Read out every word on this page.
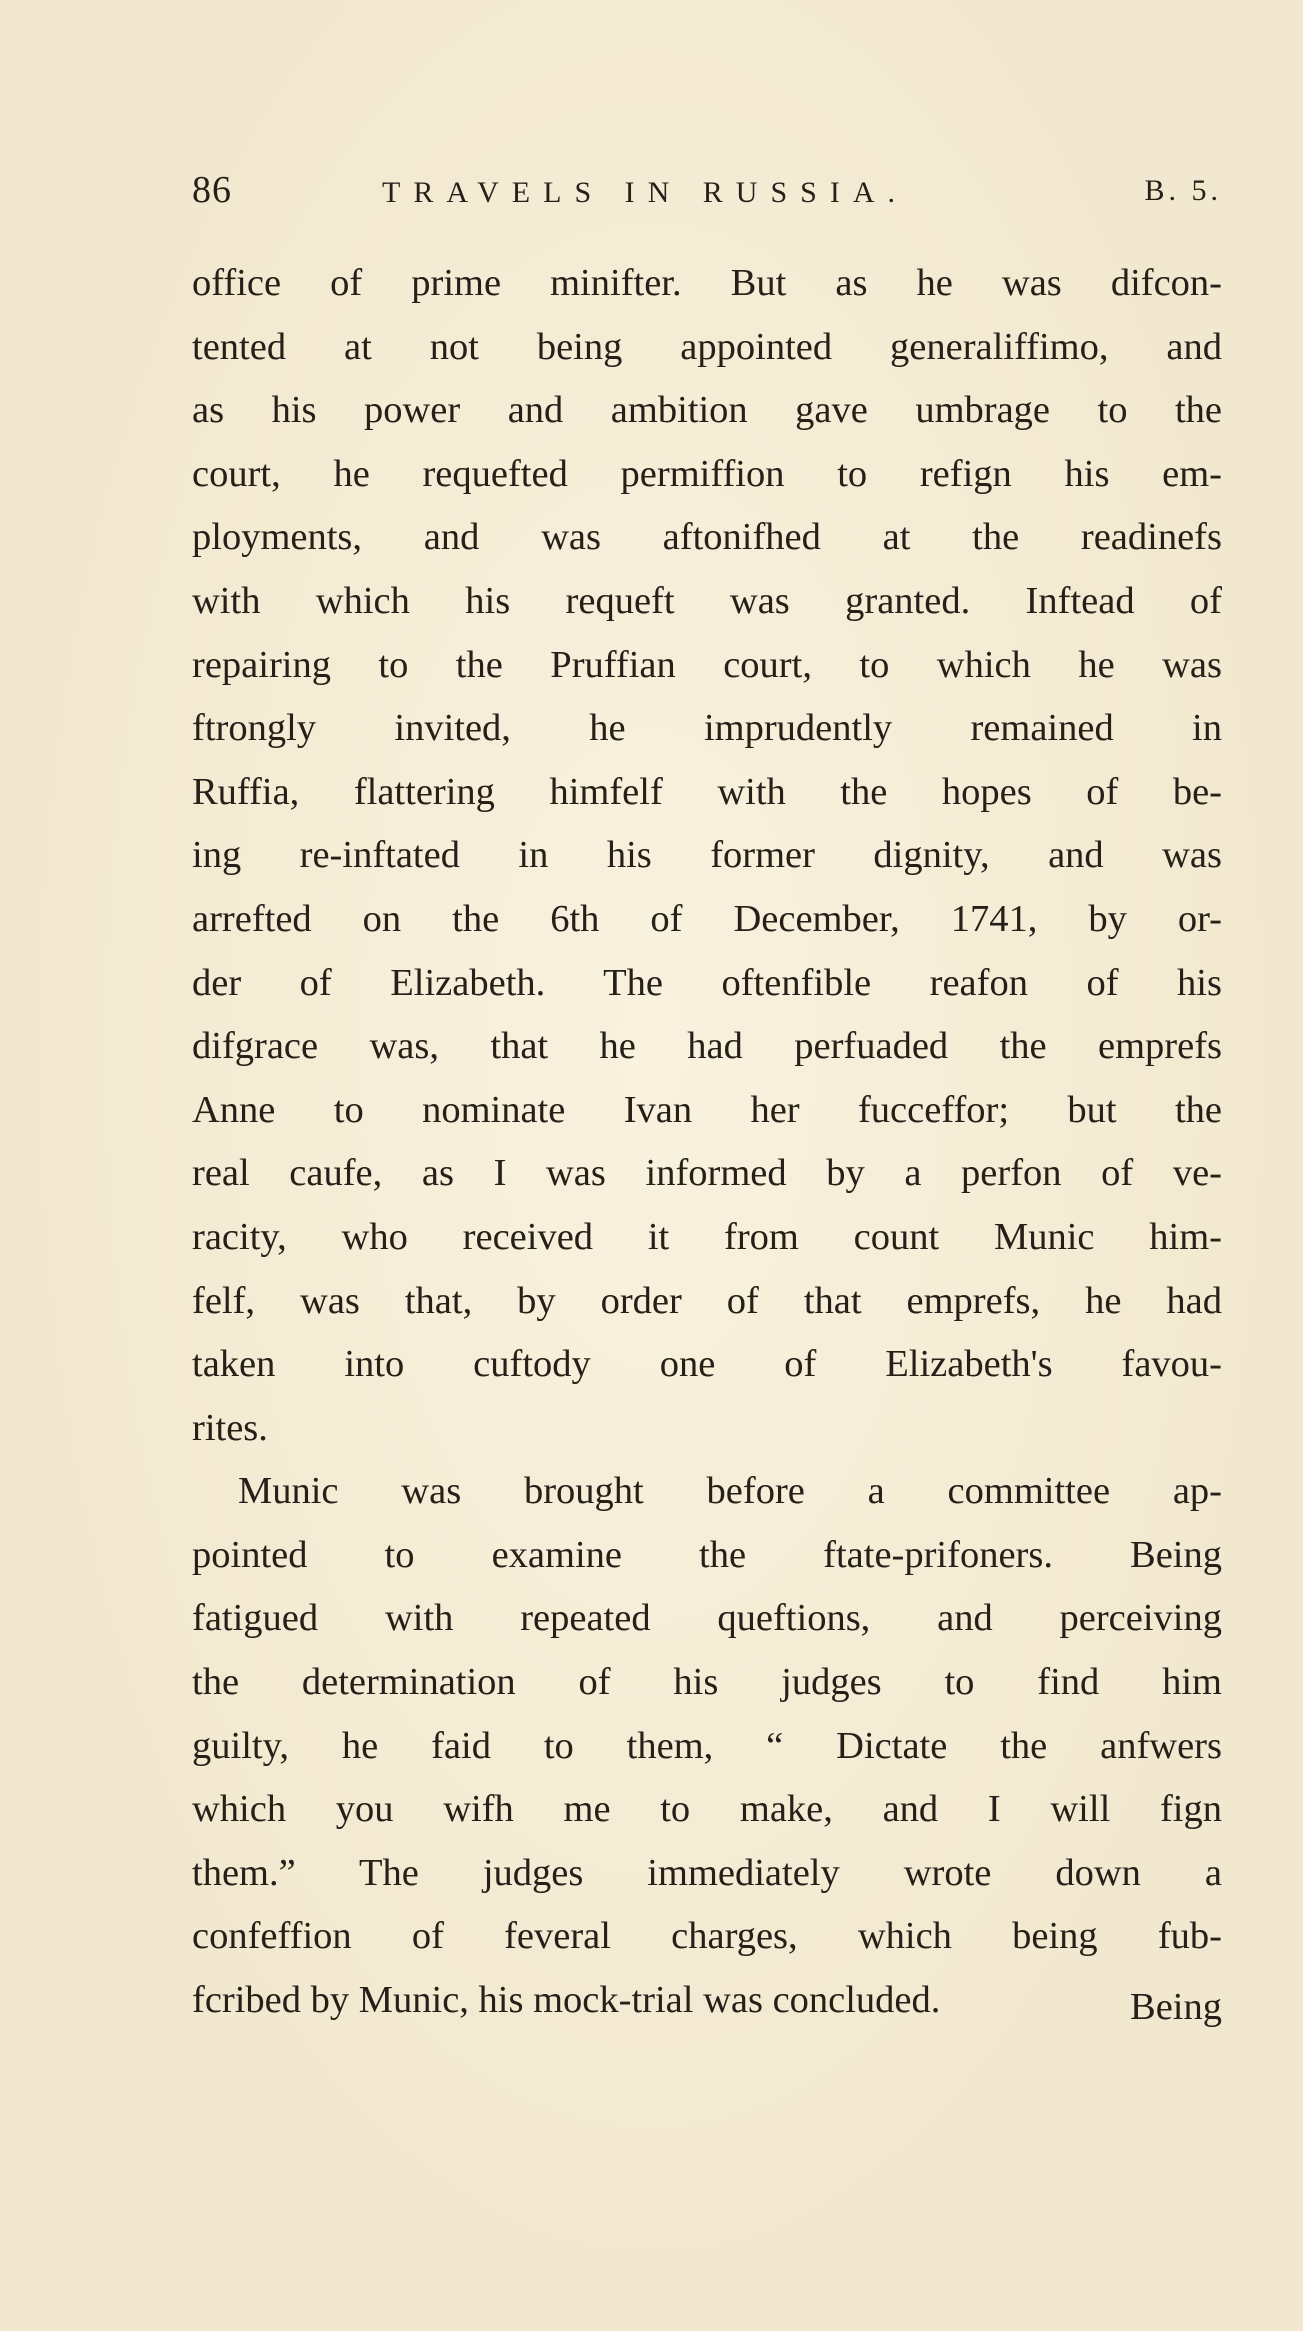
86	TRAVELS IN RUSSIA.	B. 5.
office of prime minifter. But as he was difcon-
tented at not being appointed generaliffimo, and
as his power and ambition gave umbrage to the
court, he requefted permiffion to refign his em-
ployments, and was aftonifhed at the readinefs
with which his requeft was granted. Inftead of
repairing to the Pruffian court, to which he was
ftrongly invited, he imprudently remained in
Ruffia, flattering himfelf with the hopes of be-
ing re-inftated in his former dignity, and was
arrefted on the 6th of December, 1741, by or-
der of Elizabeth. The oftenfible reafon of his
difgrace was, that he had perfuaded the emprefs
Anne to nominate Ivan her fucceffor; but the
real caufe, as I was informed by a perfon of ve-
racity, who received it from count Munic him-
felf, was that, by order of that emprefs, he had
taken into cuftody one of Elizabeth's favou-
rites.
Munic was brought before a committee ap-
pointed to examine the ftate-prifoners. Being
fatigued with repeated queftions, and perceiving
the determination of his judges to find him
guilty, he faid to them, “ Dictate the anfwers
which you wifh me to make, and I will fign
them.” The judges immediately wrote down a
confeffion of feveral charges, which being fub-
fcribed by Munic, his mock-trial was concluded.	Being
